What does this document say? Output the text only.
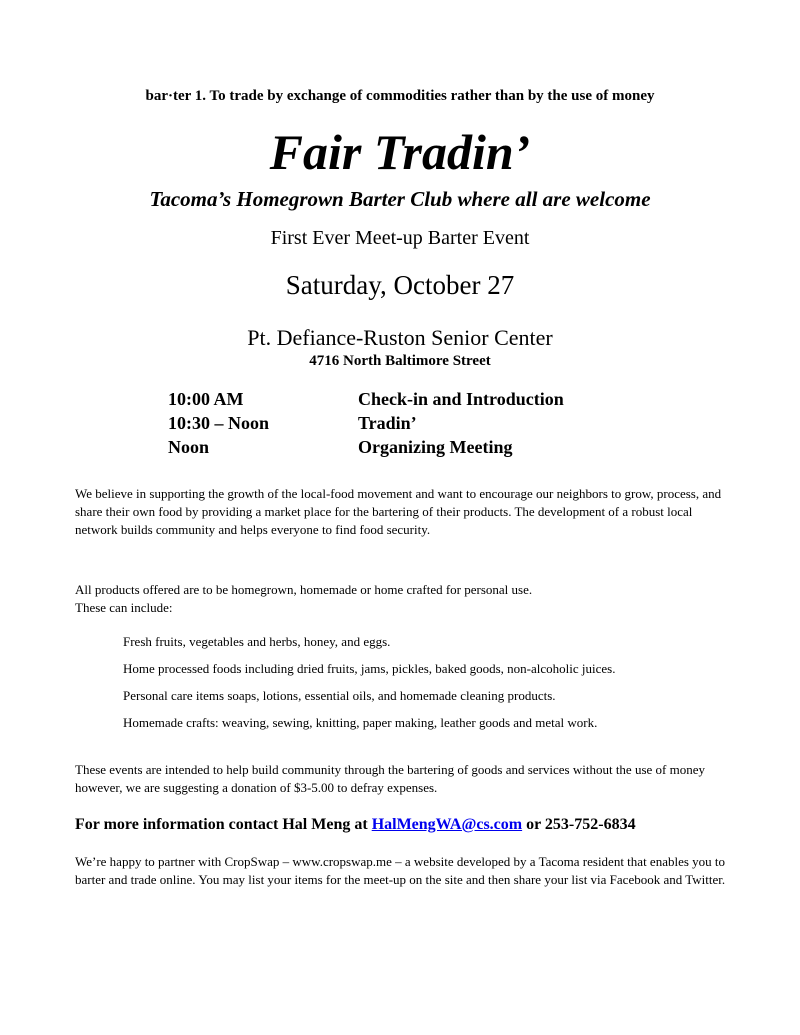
bar·ter 1. To trade by exchange of commodities rather than by the use of money
Fair Tradin’
Tacoma’s Homegrown Barter Club where all are welcome
First Ever Meet-up Barter Event
Saturday, October 27
Pt. Defiance-Ruston Senior Center
4716 North Baltimore Street
10:00 AM	Check-in and Introduction
10:30 – Noon	Tradin’
Noon	Organizing Meeting
We believe in supporting the growth of the local-food movement and want to encourage our neighbors to grow, process, and share their own food by providing a market place for the bartering of their products. The development of a robust local network builds community and helps everyone to find food security.
All products offered are to be homegrown, homemade or home crafted for personal use.
These can include:
Fresh fruits, vegetables and herbs, honey, and eggs.
Home processed foods including dried fruits, jams, pickles, baked goods, non-alcoholic juices.
Personal care items soaps, lotions, essential oils, and homemade cleaning products.
Homemade crafts: weaving, sewing, knitting, paper making, leather goods and metal work.
These events are intended to help build community through the bartering of goods and services without the use of money however, we are suggesting a donation of $3-5.00 to defray expenses.
For more information contact Hal Meng at HalMengWA@cs.com or 253-752-6834
We’re happy to partner with CropSwap – www.cropswap.me – a website developed by a Tacoma resident that enables you to barter and trade online. You may list your items for the meet-up on the site and then share your list via Facebook and Twitter.
